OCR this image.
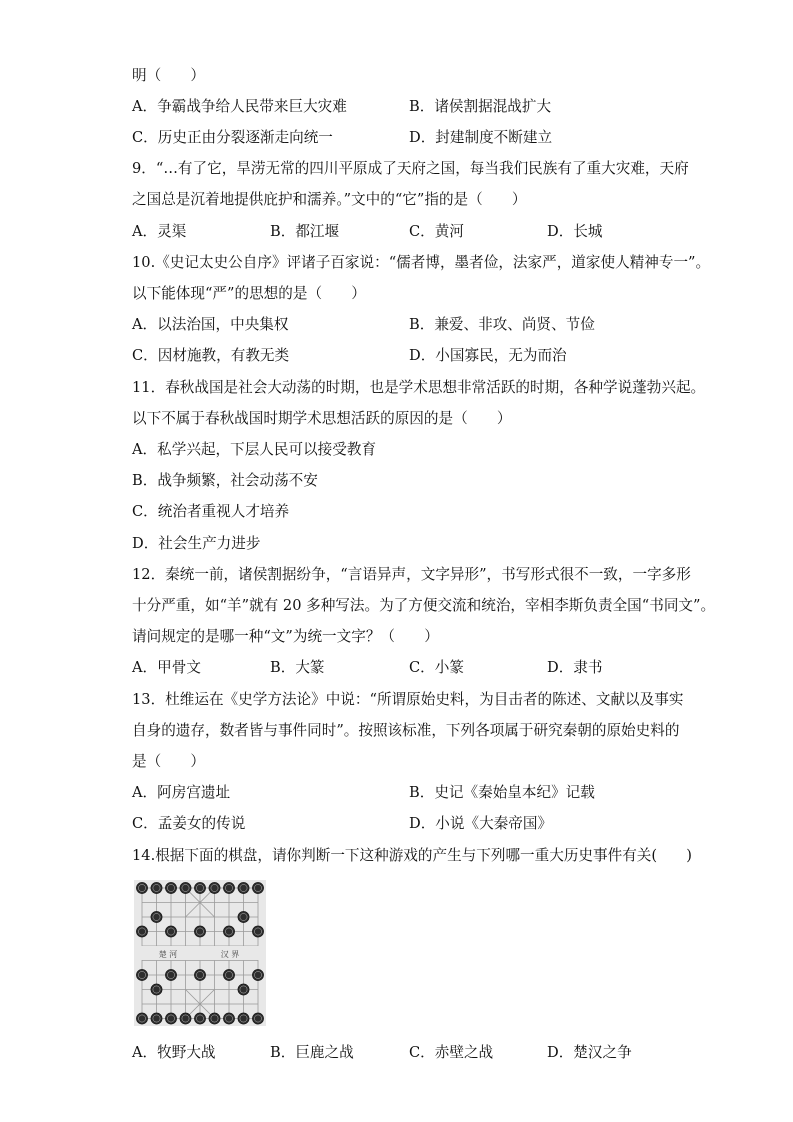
明（　　）
A．争霸战争给人民带来巨大灾难	B．诸侯割据混战扩大
C．历史正由分裂逐渐走向统一	D．封建制度不断建立
9．“…有了它，旱涝无常的四川平原成了天府之国，每当我们民族有了重大灾难，天府
之国总是沉着地提供庇护和濡养。”文中的“它”指的是（　　）
A．灵渠	B．都江堰	C．黄河	D．长城
10.《史记太史公自序》评诸子百家说：“儒者博，墨者俭，法家严，道家使人精神专一”。
以下能体现“严”的思想的是（　　）
A．以法治国，中央集权	B．兼爱、非攻、尚贤、节俭
C．因材施教，有教无类	D．小国寡民，无为而治
11．春秋战国是社会大动荡的时期，也是学术思想非常活跃的时期，各种学说蓬勃兴起。
以下不属于春秋战国时期学术思想活跃的原因的是（　　）
A．私学兴起，下层人民可以接受教育
B．战争频繁，社会动荡不安
C．统治者重视人才培养
D．社会生产力进步
12．秦统一前，诸侯割据纷争，“言语异声，文字异形”，书写形式很不一致，一字多形
十分严重，如“羊”就有 20 多种写法。为了方便交流和统治，宰相李斯负责全国“书同文”。
请问规定的是哪一种“文”为统一文字？（　　）
A．甲骨文	B．大篆	C．小篆	D．隶书
13．杜维运在《史学方法论》中说：“所谓原始史料，为目击者的陈述、文献以及事实
自身的遗存，数者皆与事件同时”。按照该标准，下列各项属于研究秦朝的原始史料的
是（　　）
A．阿房宫遗址	B．史记《秦始皇本纪》记载
C．孟姜女的传说	D．小说《大秦帝国》
14.根据下面的棋盘，请你判断一下这种游戏的产生与下列哪一重大历史事件有关(　　)
楚 河	汉 界
A．牧野大战	B．巨鹿之战	C．赤壁之战	D．楚汉之争
